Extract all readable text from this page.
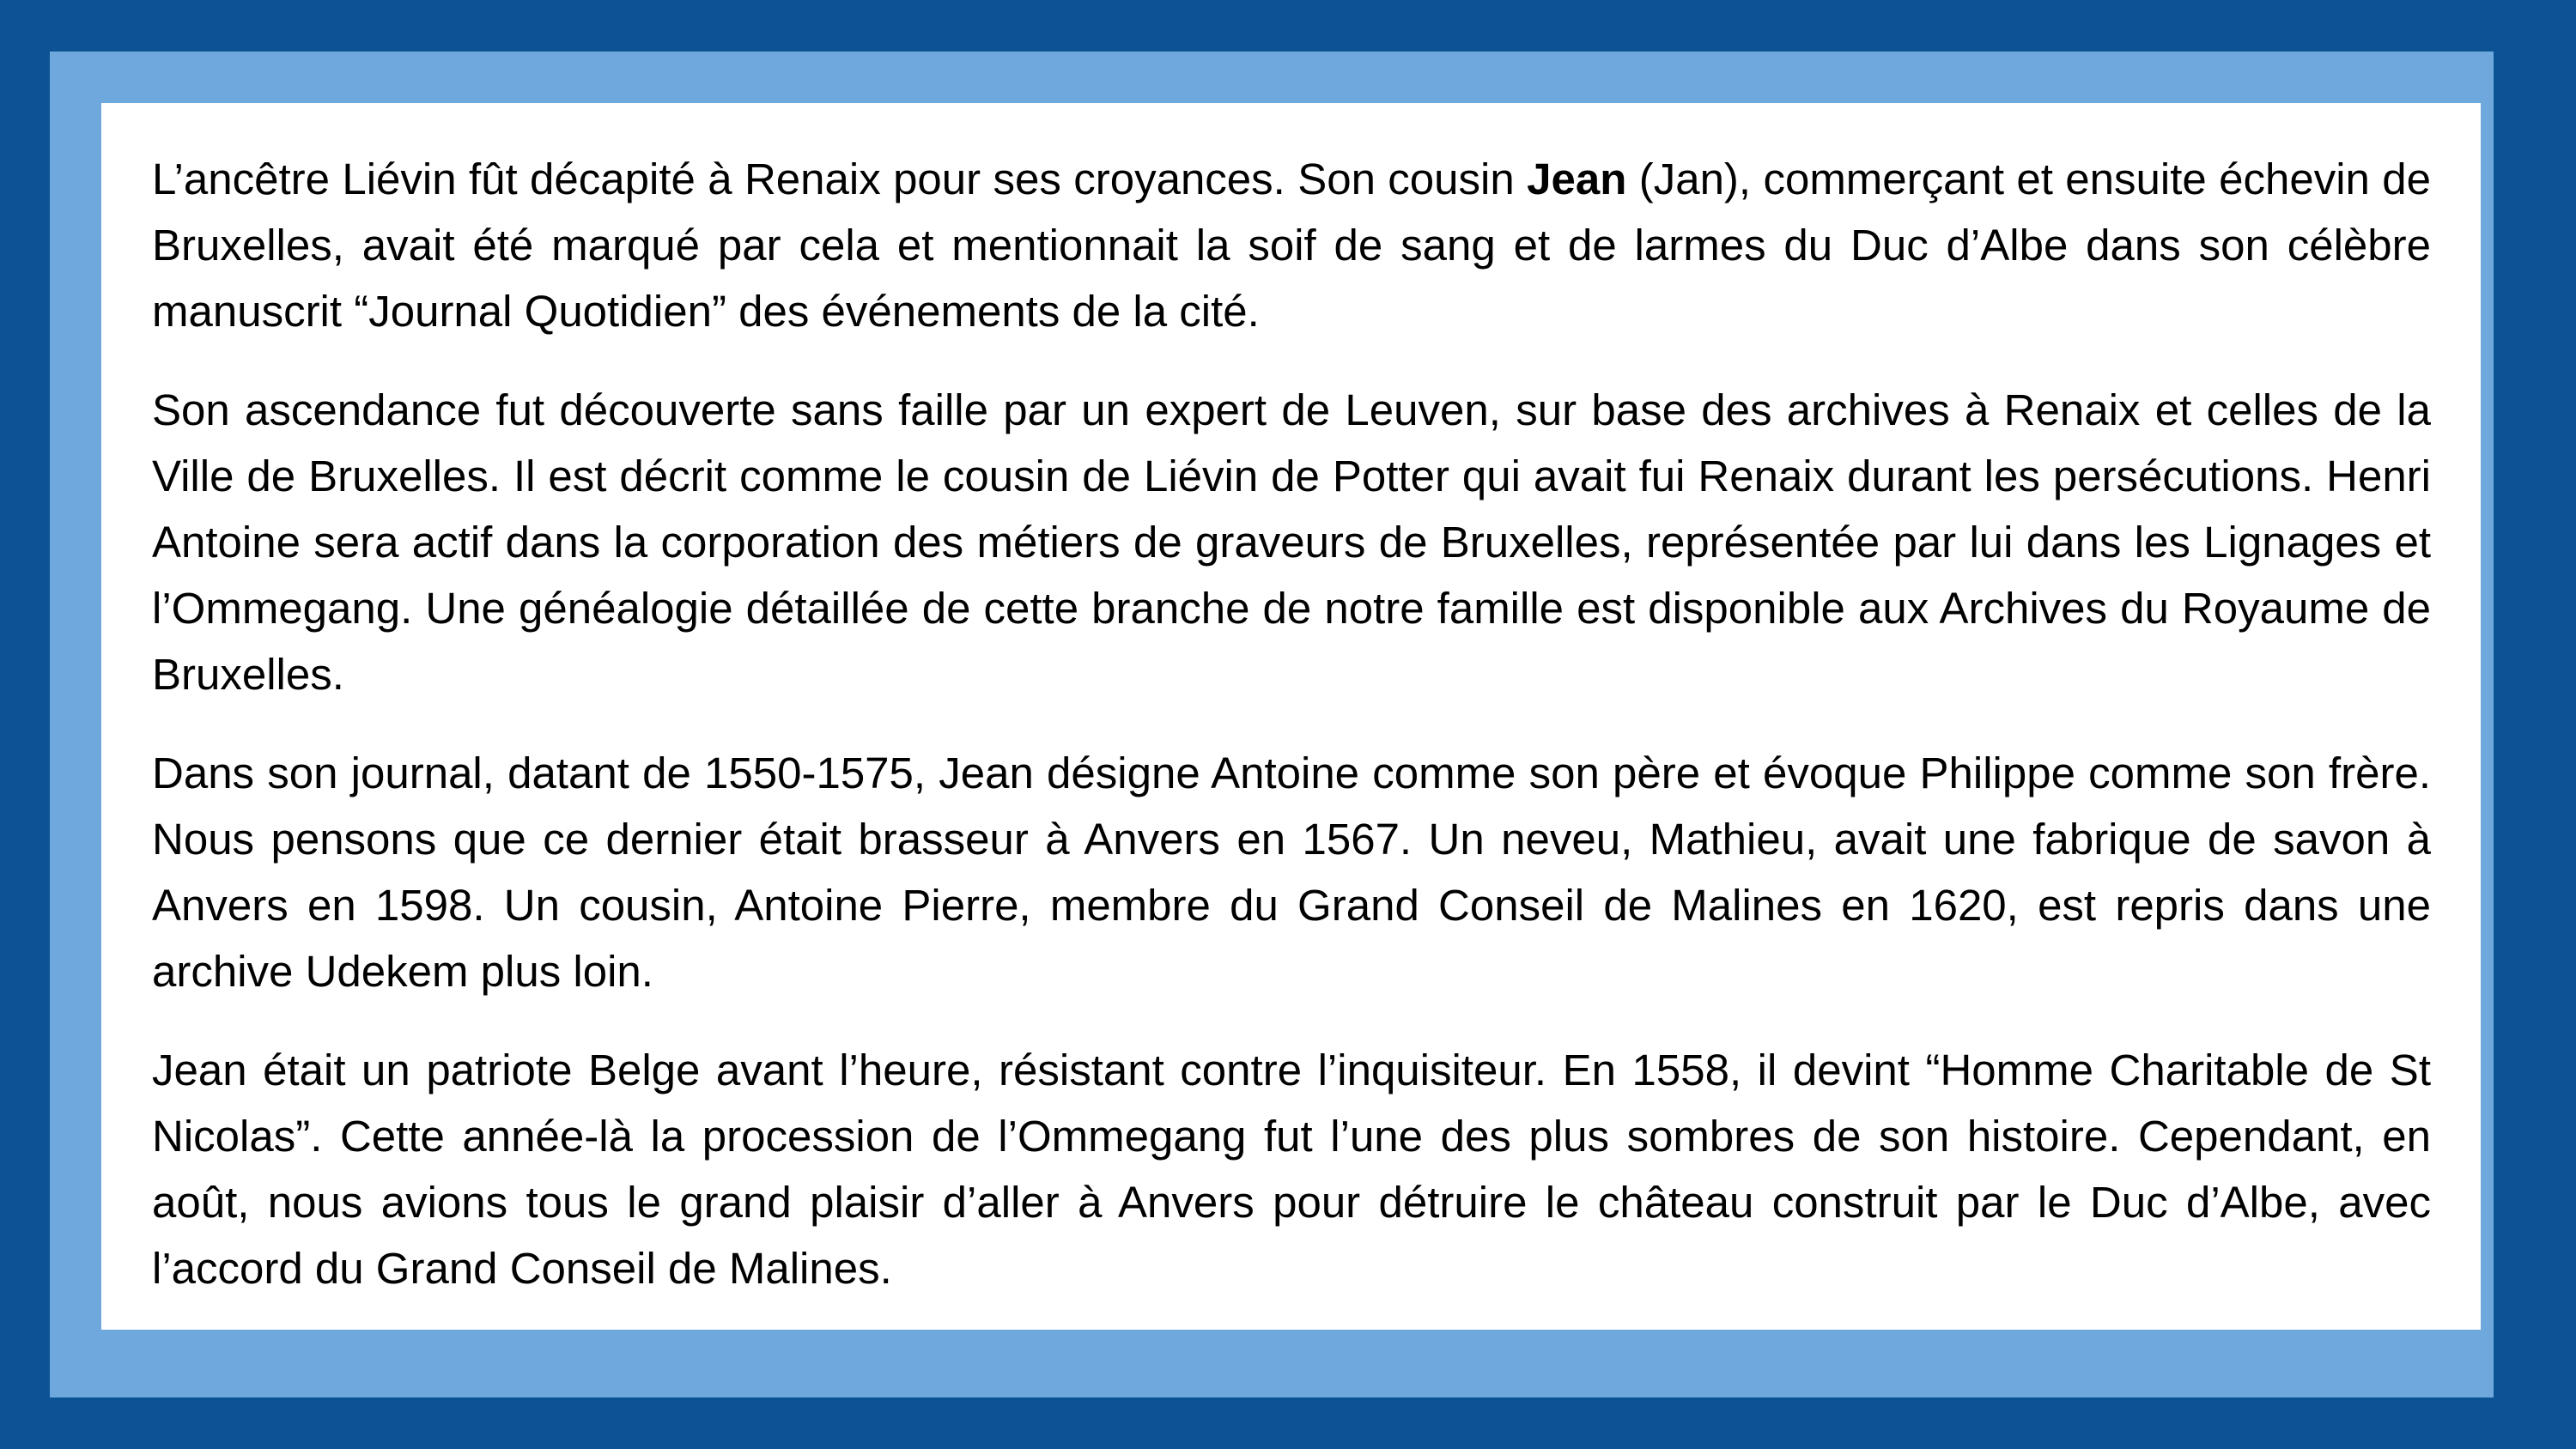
L’ancêtre Liévin fût décapité à Renaix pour ses croyances. Son cousin Jean (Jan), commerçant et ensuite échevin de Bruxelles, avait été marqué par cela et mentionnait la soif de sang et de larmes du Duc d’Albe dans son célèbre manuscrit “Journal Quotidien” des événements de la cité.

Son ascendance fut découverte sans faille par un expert de Leuven, sur base des archives à Renaix et celles de la Ville de Bruxelles. Il est décrit comme le cousin de Liévin de Potter qui avait fui Renaix durant les persécutions. Henri Antoine sera actif dans la corporation des métiers de graveurs de Bruxelles, représentée par lui dans les Lignages et l’Ommegang. Une généalogie détaillée de cette branche de notre famille est disponible aux Archives du Royaume de Bruxelles.

Dans son journal, datant de 1550-1575, Jean désigne Antoine comme son père et évoque Philippe comme son frère. Nous pensons que ce dernier était brasseur à Anvers en 1567. Un neveu, Mathieu, avait une fabrique de savon à Anvers en 1598. Un cousin, Antoine Pierre, membre du Grand Conseil de Malines en 1620, est repris dans une archive Udekem plus loin.

Jean était un patriote Belge avant l’heure, résistant contre l’inquisiteur. En 1558, il devint “Homme Charitable de St Nicolas”. Cette année-là la procession de l’Ommegang fut l’une des plus sombres de son histoire. Cependant, en août, nous avions tous le grand plaisir d’aller à Anvers pour détruire le château construit par le Duc d’Albe, avec l’accord du Grand Conseil de Malines.
